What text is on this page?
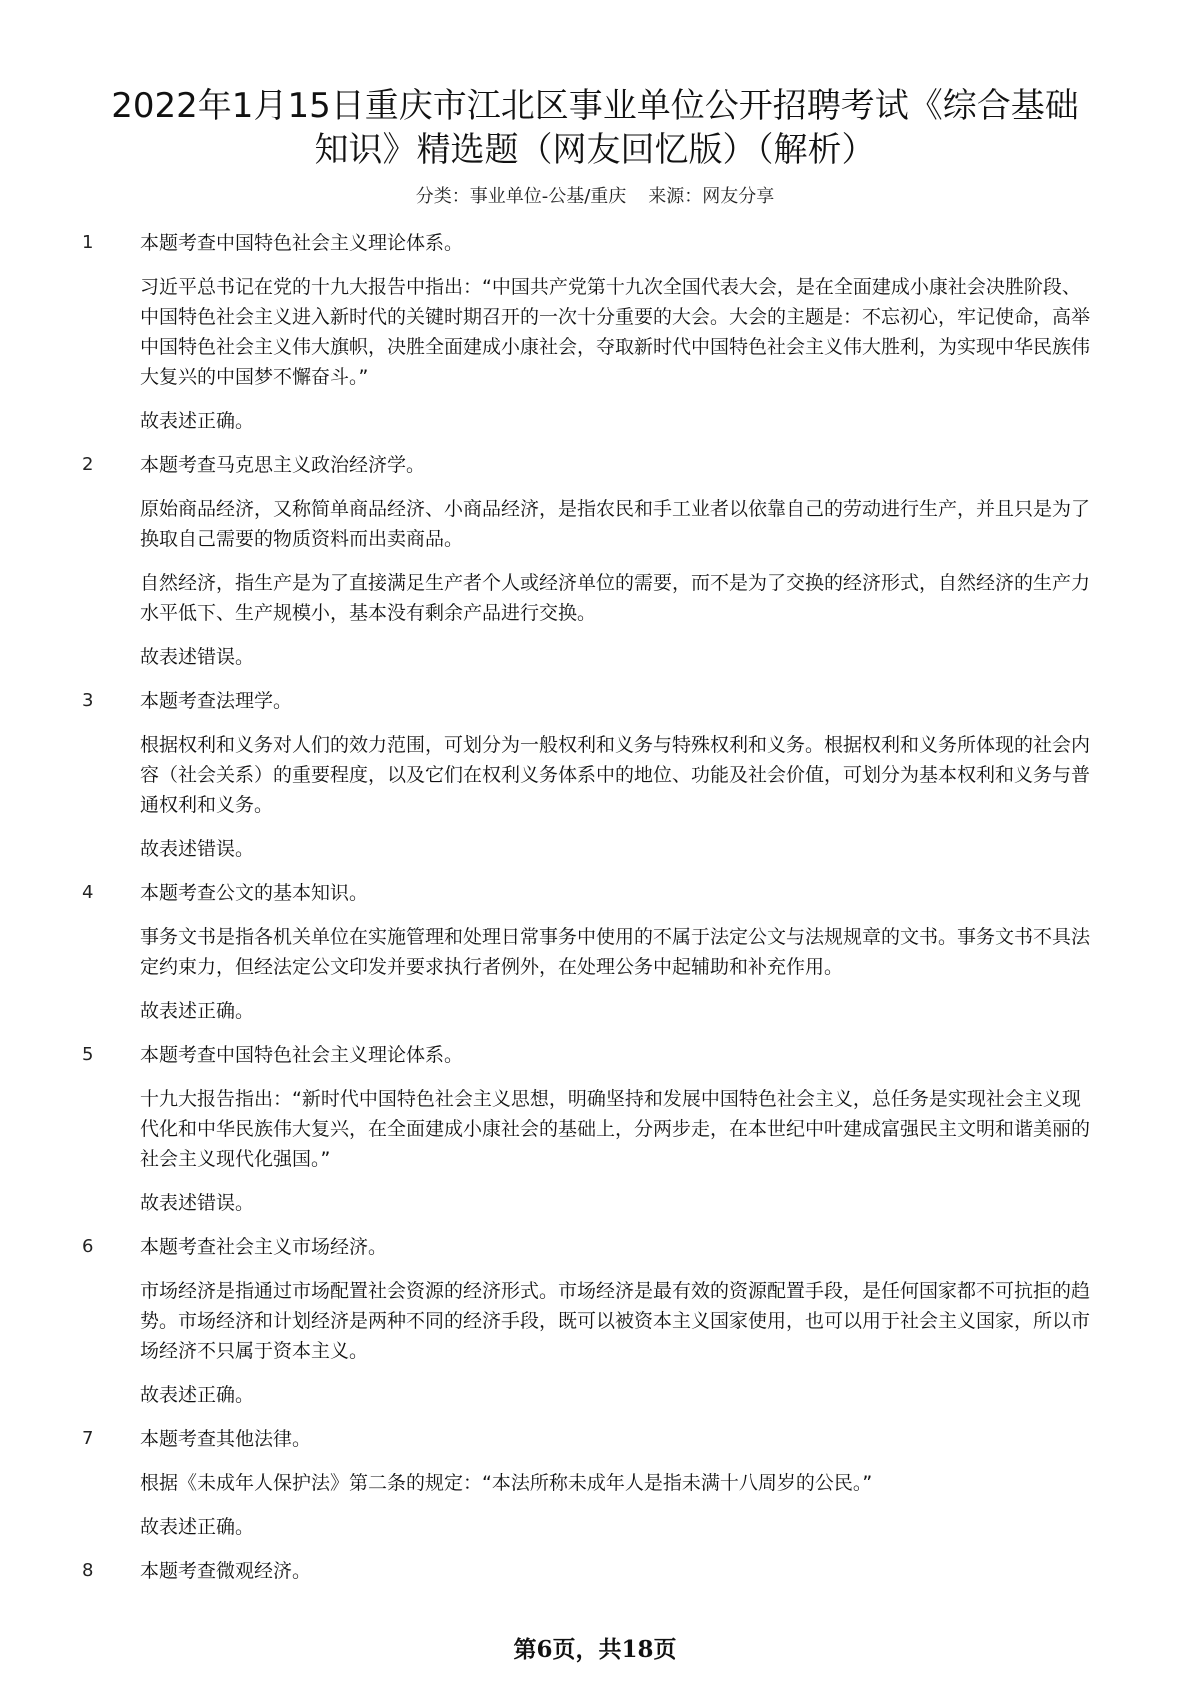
2022年1月15日重庆市江北区事业单位公开招聘考试《综合基础
知识》精选题（网友回忆版）（解析）
分类：事业单位-公基/重庆 来源：网友分享
1	本题考查中国特色社会主义理论体系。
习近平总书记在党的十九大报告中指出：“中国共产党第十九次全国代表大会，是在全面建成小康社会决胜阶段、中国特色社会主义进入新时代的关键时期召开的一次十分重要的大会。大会的主题是：不忘初心，牢记使命，高举中国特色社会主义伟大旗帜，决胜全面建成小康社会，夺取新时代中国特色社会主义伟大胜利，为实现中华民族伟大复兴的中国梦不懈奋斗。”
故表述正确。
2	本题考查马克思主义政治经济学。
原始商品经济，又称简单商品经济、小商品经济，是指农民和手工业者以依靠自己的劳动进行生产，并且只是为了换取自己需要的物质资料而出卖商品。
自然经济，指生产是为了直接满足生产者个人或经济单位的需要，而不是为了交换的经济形式，自然经济的生产力水平低下、生产规模小，基本没有剩余产品进行交换。
故表述错误。
3	本题考查法理学。
根据权利和义务对人们的效力范围，可划分为一般权利和义务与特殊权利和义务。根据权利和义务所体现的社会内容（社会关系）的重要程度，以及它们在权利义务体系中的地位、功能及社会价值，可划分为基本权利和义务与普通权利和义务。
故表述错误。
4	本题考查公文的基本知识。
事务文书是指各机关单位在实施管理和处理日常事务中使用的不属于法定公文与法规规章的文书。事务文书不具法定约束力，但经法定公文印发并要求执行者例外，在处理公务中起辅助和补充作用。
故表述正确。
5	本题考查中国特色社会主义理论体系。
十九大报告指出：“新时代中国特色社会主义思想，明确坚持和发展中国特色社会主义，总任务是实现社会主义现代化和中华民族伟大复兴，在全面建成小康社会的基础上，分两步走，在本世纪中叶建成富强民主文明和谐美丽的社会主义现代化强国。”
故表述错误。
6	本题考查社会主义市场经济。
市场经济是指通过市场配置社会资源的经济形式。市场经济是最有效的资源配置手段，是任何国家都不可抗拒的趋势。市场经济和计划经济是两种不同的经济手段，既可以被资本主义国家使用，也可以用于社会主义国家，所以市场经济不只属于资本主义。
故表述正确。
7	本题考查其他法律。
根据《未成年人保护法》第二条的规定：“本法所称未成年人是指未满十八周岁的公民。”
故表述正确。
8	本题考查微观经济。
第6页，共18页
